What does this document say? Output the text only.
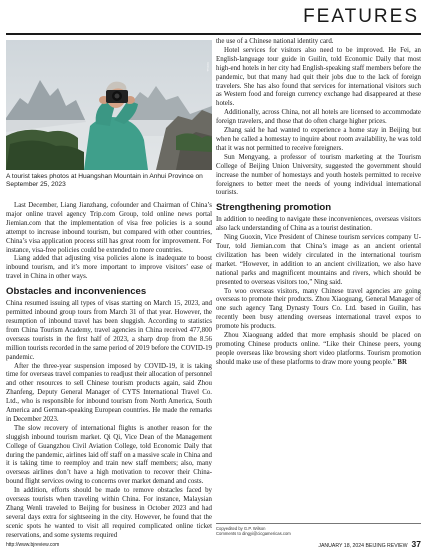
FEATURES
Xinhua
A tourist takes photos at Huangshan Mountain in Anhui Province on September 25, 2023

Last December, Liang Jianzhang, cofounder and Chairman of China’s major online travel agency Trip.com Group, told online news portal Jiemian.com that the implementation of visa free policies is a sound attempt to increase inbound tourism, but compared with other countries, China’s visa application process still has great room for improvement. For instance, visa-free policies could be extended to more countries.

Liang added that adjusting visa policies alone is inadequate to boost inbound tourism, and it’s more important to improve visitors’ ease of travel in China in other ways.

Obstacles and inconveniences

China resumed issuing all types of visas starting on March 15, 2023, and permitted inbound group tours from March 31 of that year. However, the resumption of inbound travel has been sluggish. According to statistics from China Tourism Academy, travel agencies in China received 477,800 overseas tourists in the first half of 2023, a sharp drop from the 8.56 million tourists recorded in the same period of 2019 before the COVID-19 pandemic.

After the three-year suspension imposed by COVID-19, it is taking time for overseas travel companies to readjust their allocation of personnel and other resources to sell Chinese tourism products again, said Zhou Zhanfeng, Deputy General Manager of CYTS International Travel Co. Ltd., who is responsible for inbound tourism from North America, South America and German-speaking European countries. He made the remarks in December 2023.

The slow recovery of international flights is another reason for the sluggish inbound tourism market. Qi Qi, Vice Dean of the Management College of Guangzhou Civil Aviation College, told Economic Daily that during the pandemic, airlines laid off staff on a massive scale in China and it is taking time to reemploy and train new staff members; also, many overseas airlines don’t have a high motivation to recover their China-bound flight services owing to concerns over market demand and costs.

In addition, efforts should be made to remove obstacles faced by overseas tourists when traveling within China. For instance, Malaysian Zhang Wenli traveled to Beijing for business in October 2023 and had several days extra for sightseeing in the city. However, he found that the scenic spots he wanted to visit all required complicated online ticket reservations, and some systems required

the use of a Chinese national identity card.

Hotel services for visitors also need to be improved. He Fei, an English-language tour guide in Guilin, told Economic Daily that most high-end hotels in her city had English-speaking staff members before the pandemic, but that many had quit their jobs due to the lack of foreign travelers. She has also found that services for international visitors such as Western food and foreign currency exchange had disappeared at these hotels.

Additionally, across China, not all hotels are licensed to accommodate foreign travelers, and those that do often charge higher prices.

Zhang said he had wanted to experience a home stay in Beijing but when he called a homestay to inquire about room availability, he was told that it was not permitted to receive foreigners.

Sun Mengyang, a professor of tourism marketing at the Tourism College of Beijing Union University, suggested the government should increase the number of homestays and youth hostels permitted to receive foreigners to better meet the needs of young individual international tourists.

Strengthening promotion

In addition to needing to navigate these inconveniences, overseas visitors also lack understanding of China as a tourist destination.

Ning Guoxin, Vice President of Chinese tourism services company U-Tour, told Jiemian.com that China’s image as an ancient oriental civilization has been widely circulated in the international tourism market. “However, in addition to an ancient civilization, we also have national parks and magnificent mountains and rivers, which should be presented to overseas visitors too,” Ning said.

To woo overseas visitors, many Chinese travel agencies are going overseas to promote their products. Zhou Xiaoguang, General Manager of one such agency Tang Dynasty Tours Co. Ltd. based in Guilin, has recently been busy attending overseas international travel expos to promote his products.

Zhou Xiaoguang added that more emphasis should be placed on promoting Chinese products online. “Like their Chinese peers, young people overseas like browsing short video platforms. Tourism promotion should make use of these platforms to draw more young people.” BR

Copyedited by G.P. Wilson
Comments to dingyi@cicgamericas.com
http://www.bjreview.com	JANUARY 18, 2024 BEIJING REVIEW 37
